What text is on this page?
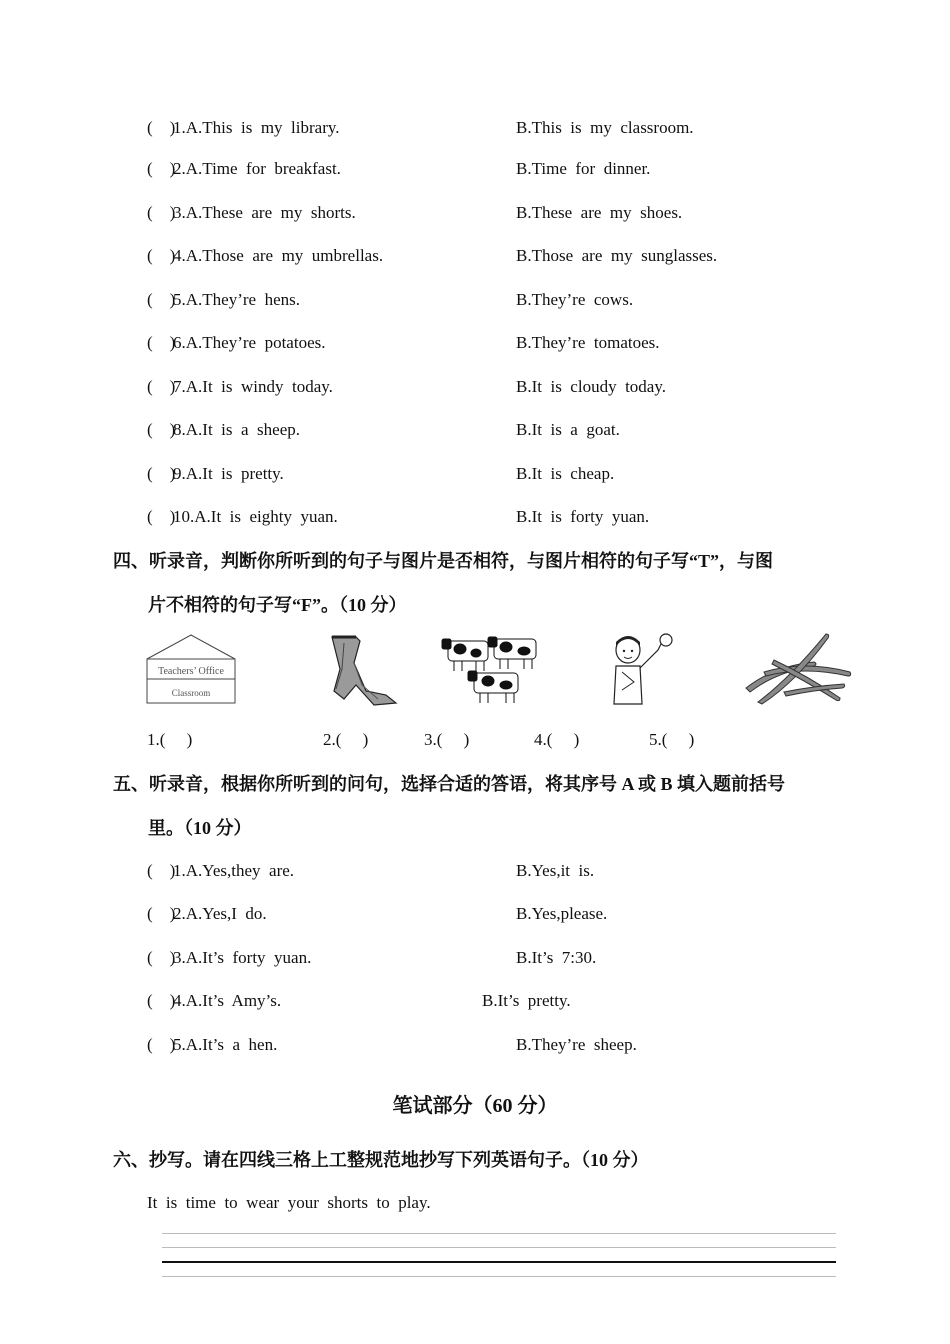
(    )
1.A.This  is  my  library.	B.This  is  my  classroom.
(    )
2.A.Time  for  breakfast.	B.Time  for  dinner.
(    )
3.A.These  are  my  shorts.	B.These  are  my  shoes.
(    )
4.A.Those  are  my  umbrellas.	B.Those  are  my  sunglasses.
(    )
5.A.They’re  hens.	B.They’re  cows.
(    )
6.A.They’re  potatoes.	B.They’re  tomatoes.
(    )
7.A.It  is  windy  today.	B.It  is  cloudy  today.
(    )
8.A.It  is  a  sheep.	B.It  is  a  goat.
(    )
9.A.It  is  pretty.	B.It  is  cheap.
(    )
10.A.It  is  eighty  yuan.	B.It  is  forty  yuan.
四、听录音，判断你所听到的句子与图片是否相符，与图片相符的句子写“T”，与图
片不相符的句子写“F”。（10 分）
Teachers’ Office
Classroom
1.(     )	2.(     )	3.(     )	4.(     )	5.(     )
五、听录音，根据你所听到的问句，选择合适的答语，将其序号 A 或 B 填入题前括号
里。（10 分）
(    )
1.A.Yes,they  are.	B.Yes,it  is.
(    )
2.A.Yes,I  do.	B.Yes,please.
(    )
3.A.It’s  forty  yuan.	B.It’s  7:30.
(    )
4.A.It’s  Amy’s.	B.It’s  pretty.
(    )
5.A.It’s  a  hen.	B.They’re  sheep.
笔试部分（60 分）
六、抄写。请在四线三格上工整规范地抄写下列英语句子。（10 分）
It  is  time  to  wear  your  shorts  to  play.
